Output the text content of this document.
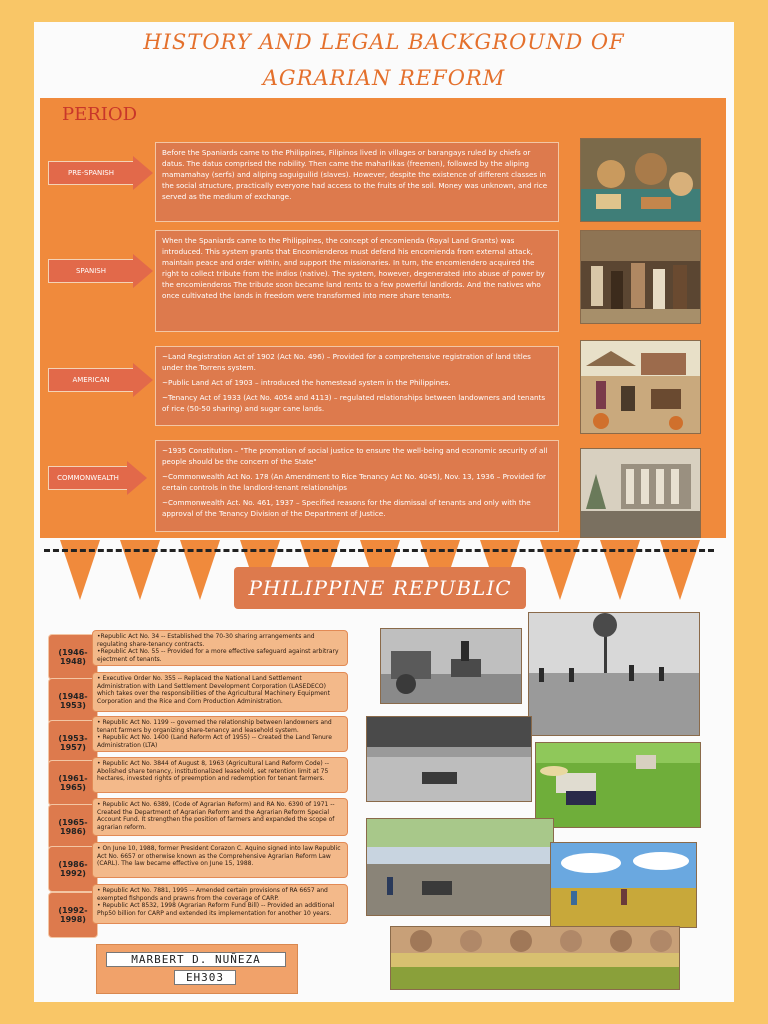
HISTORY AND LEGAL BACKGROUND OF
AGRARIAN REFORM
PERIOD
PRE-SPANISH
SPANISH
AMERICAN
COMMONWEALTH

Before the Spaniards came to the Philippines, Filipinos lived in villages or barangays ruled by chiefs or datus. The datus comprised the nobility. Then came the maharlikas (freemen), followed by the aliping mamamahay (serfs) and aliping saguiguilid (slaves). However, despite the existence of different classes in the social structure, practically everyone had access to the fruits of the soil. Money was unknown, and rice served as the medium of exchange.

When the Spaniards came to the Philippines, the concept of encomienda (Royal Land Grants) was introduced. This system grants that Encomienderos must defend his encomienda from external attack, maintain peace and order within, and support the missionaries. In turn, the encomiendero acquired the right to collect tribute from the indios (native). The system, however, degenerated into abuse of power by the encomienderos The tribute soon became land rents to a few powerful landlords. And the natives who once cultivated the lands in freedom were transformed into mere share tenants.

~Land Registration Act of 1902 (Act No. 496) – Provided for a comprehensive registration of land titles under the Torrens system.

~Public Land Act of 1903 – introduced the homestead system in the Philippines.

~Tenancy Act of 1933 (Act No. 4054 and 4113) – regulated relationships between landowners and tenants of rice (50-50 sharing) and sugar cane lands.

~1935 Constitution – "The promotion of social justice to ensure the well-being and economic security of all people should be the concern of the State"

~Commonwealth Act No. 178 (An Amendment to Rice Tenancy Act No. 4045), Nov. 13, 1936 – Provided for certain controls in the landlord-tenant relationships

~Commonwealth Act. No. 461, 1937 – Specified reasons for the dismissal of tenants and only with the approval of the Tenancy Division of the Department of Justice.

PHILIPPINE REPUBLIC
(1946-1948)

•Republic Act No. 34 -- Established the 70-30 sharing arrangements and regulating share-tenancy contracts.

•Republic Act No. 55 -- Provided for a more effective safeguard against arbitrary ejectment of tenants.

(1948-1953)

• Executive Order No. 355 -- Replaced the National Land Settlement Administration with Land Settlement Development Corporation (LASEDECO) which takes over the responsibilities of the Agricultural Machinery Equipment Corporation and the Rice and Corn Production Administration.

(1953-1957)

• Republic Act No. 1199 -- governed the relationship between landowners and tenant farmers by organizing share-tenancy and leasehold system.

• Republic Act No. 1400 (Land Reform Act of 1955) -- Created the Land Tenure Administration (LTA)

(1961-1965)

• Republic Act No. 3844 of August 8, 1963 (Agricultural Land Reform Code) -- Abolished share tenancy, institutionalized leasehold, set retention limit at 75 hectares, invested rights of preemption and redemption for tenant farmers.

(1965-1986)

• Republic Act No. 6389, (Code of Agrarian Reform) and RA No. 6390 of 1971 -- Created the Department of Agrarian Reform and the Agrarian Reform Special Account Fund. It strengthen the position of farmers and expanded the scope of agrarian reform.

(1986-1992)

• On June 10, 1988, former President Corazon C. Aquino signed into law Republic Act No. 6657 or otherwise known as the Comprehensive Agrarian Reform Law (CARL). The law became effective on June 15, 1988.

(1992-1998)

• Republic Act No. 7881, 1995 -- Amended certain provisions of RA 6657 and exempted fishponds and prawns from the coverage of CARP.

• Republic Act 8532, 1998 (Agrarian Reform Fund Bill) -- Provided an additional Php50 billion for CARP and extended its implementation for another 10 years.

MARBERT D. NUÑEZA
EH303
